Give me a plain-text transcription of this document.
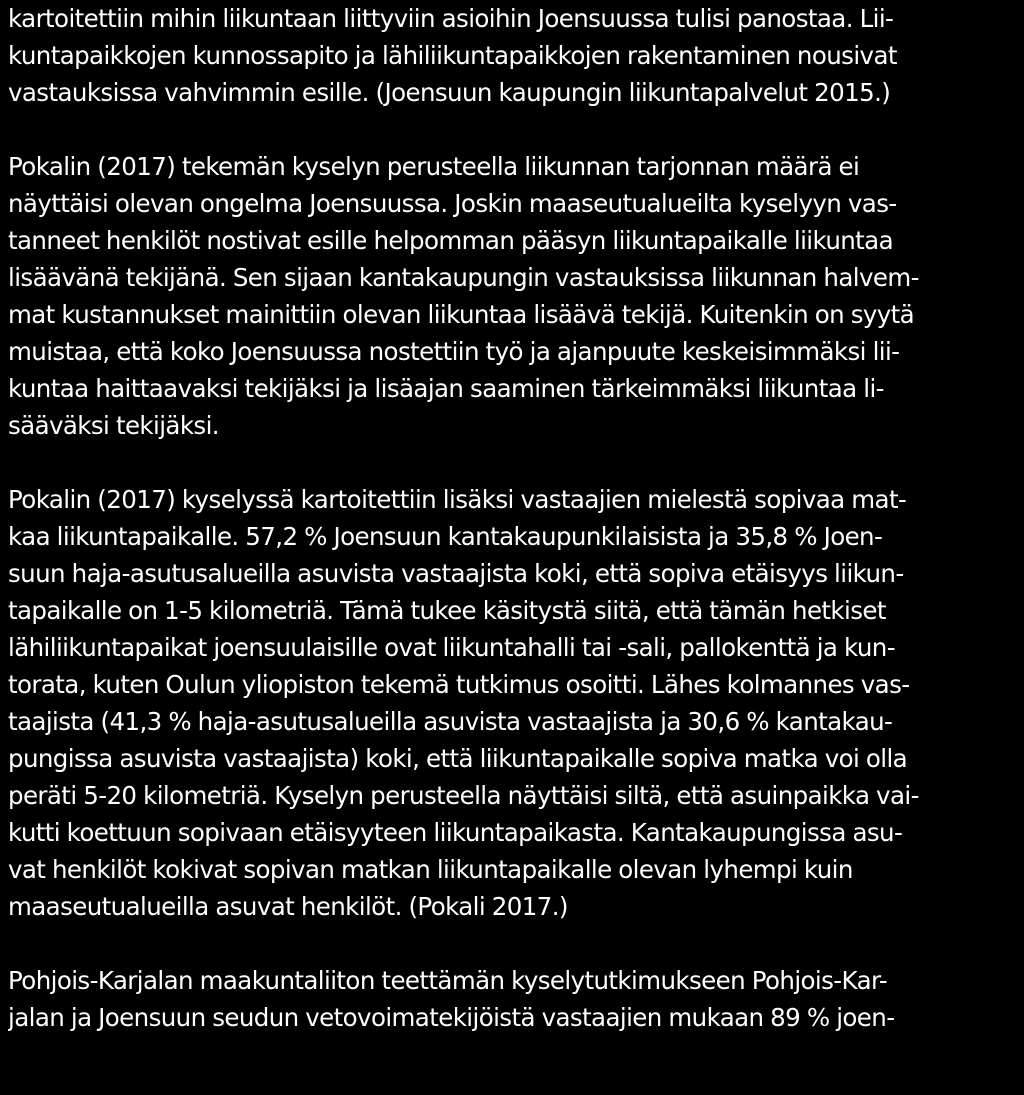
kartoitettiin mihin liikuntaan liittyviin asioihin Joensuussa tulisi panostaa. Lii-
kuntapaikkojen kunnossapito ja lähiliikuntapaikkojen rakentaminen nousivat
vastauksissa vahvimmin esille. (Joensuun kaupungin liikuntapalvelut 2015.)
Pokalin (2017) tekemän kyselyn perusteella liikunnan tarjonnan määrä ei
näyttäisi olevan ongelma Joensuussa. Joskin maaseutualueilta kyselyyn vas-
tanneet henkilöt nostivat esille helpomman pääsyn liikuntapaikalle liikuntaa
lisäävänä tekijänä. Sen sijaan kantakaupungin vastauksissa liikunnan halvem-
mat kustannukset mainittiin olevan liikuntaa lisäävä tekijä. Kuitenkin on syytä
muistaa, että koko Joensuussa nostettiin työ ja ajanpuute keskeisimmäksi lii-
kuntaa haittaavaksi tekijäksi ja lisäajan saaminen tärkeimmäksi liikuntaa li-
sääväksi tekijäksi.
Pokalin (2017) kyselyssä kartoitettiin lisäksi vastaajien mielestä sopivaa mat-
kaa liikuntapaikalle. 57,2 % Joensuun kantakaupunkilaisista ja 35,8 % Joen-
suun haja-asutusalueilla asuvista vastaajista koki, että sopiva etäisyys liikun-
tapaikalle on 1-5 kilometriä. Tämä tukee käsitystä siitä, että tämän hetkiset
lähiliikuntapaikat joensuulaisille ovat liikuntahalli tai -sali, pallokenttä ja kun-
torata, kuten Oulun yliopiston tekemä tutkimus osoitti. Lähes kolmannes vas-
taajista (41,3 % haja-asutusalueilla asuvista vastaajista ja 30,6 % kantakau-
pungissa asuvista vastaajista) koki, että liikuntapaikalle sopiva matka voi olla
peräti 5-20 kilometriä. Kyselyn perusteella näyttäisi siltä, että asuinpaikka vai-
kutti koettuun sopivaan etäisyyteen liikuntapaikasta. Kantakaupungissa asu-
vat henkilöt kokivat sopivan matkan liikuntapaikalle olevan lyhempi kuin
maaseutualueilla asuvat henkilöt. (Pokali 2017.)
Pohjois-Karjalan maakuntaliiton teettämän kyselytutkimukseen Pohjois-Kar-
jalan ja Joensuun seudun vetovoimatekijöistä vastaajien mukaan 89 % joen-
